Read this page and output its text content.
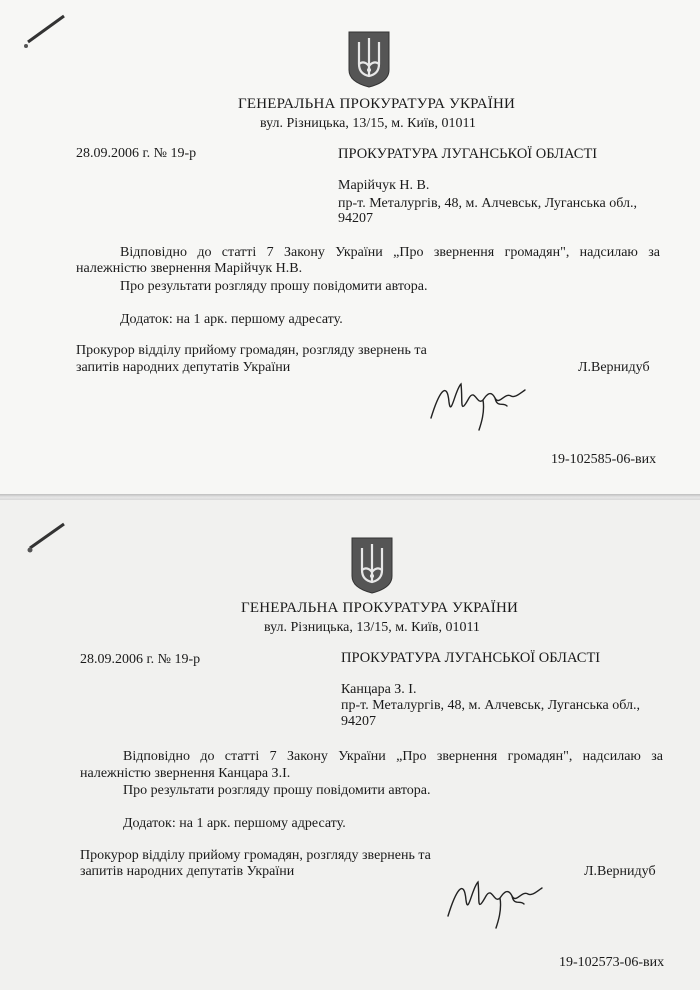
ГЕНЕРАЛЬНА ПРОКУРАТУРА УКРАЇНИ
вул. Різницька, 13/15, м. Київ, 01011
28.09.2006 г. № 19-р	ПРОКУРАТУРА ЛУГАНСЬКОЇ ОБЛАСТІ
Марійчук Н. В.
пр-т. Металургів, 48, м. Алчевськ, Луганська обл.,
94207
Відповідно до статті 7 Закону України „Про звернення громадян", надсилаю за
належністю звернення Марійчук Н.В.
Про результати розгляду прошу повідомити автора.
Додаток: на 1 арк. першому адресату.
Прокурор відділу прийому громадян, розгляду звернень та
запитів народних депутатів України	Л.Вернидуб
19-102585-06-вих
ГЕНЕРАЛЬНА ПРОКУРАТУРА УКРАЇНИ
вул. Різницька, 13/15, м. Київ, 01011
28.09.2006 г. № 19-р	ПРОКУРАТУРА ЛУГАНСЬКОЇ ОБЛАСТІ
Канцара З. І.
пр-т. Металургів, 48, м. Алчевськ, Луганська обл.,
94207
Відповідно до статті 7 Закону України „Про звернення громадян", надсилаю за
належністю звернення Канцара З.І.
Про результати розгляду прошу повідомити автора.
Додаток: на 1 арк. першому адресату.
Прокурор відділу прийому громадян, розгляду звернень та
запитів народних депутатів України	Л.Вернидуб
19-102573-06-вих
